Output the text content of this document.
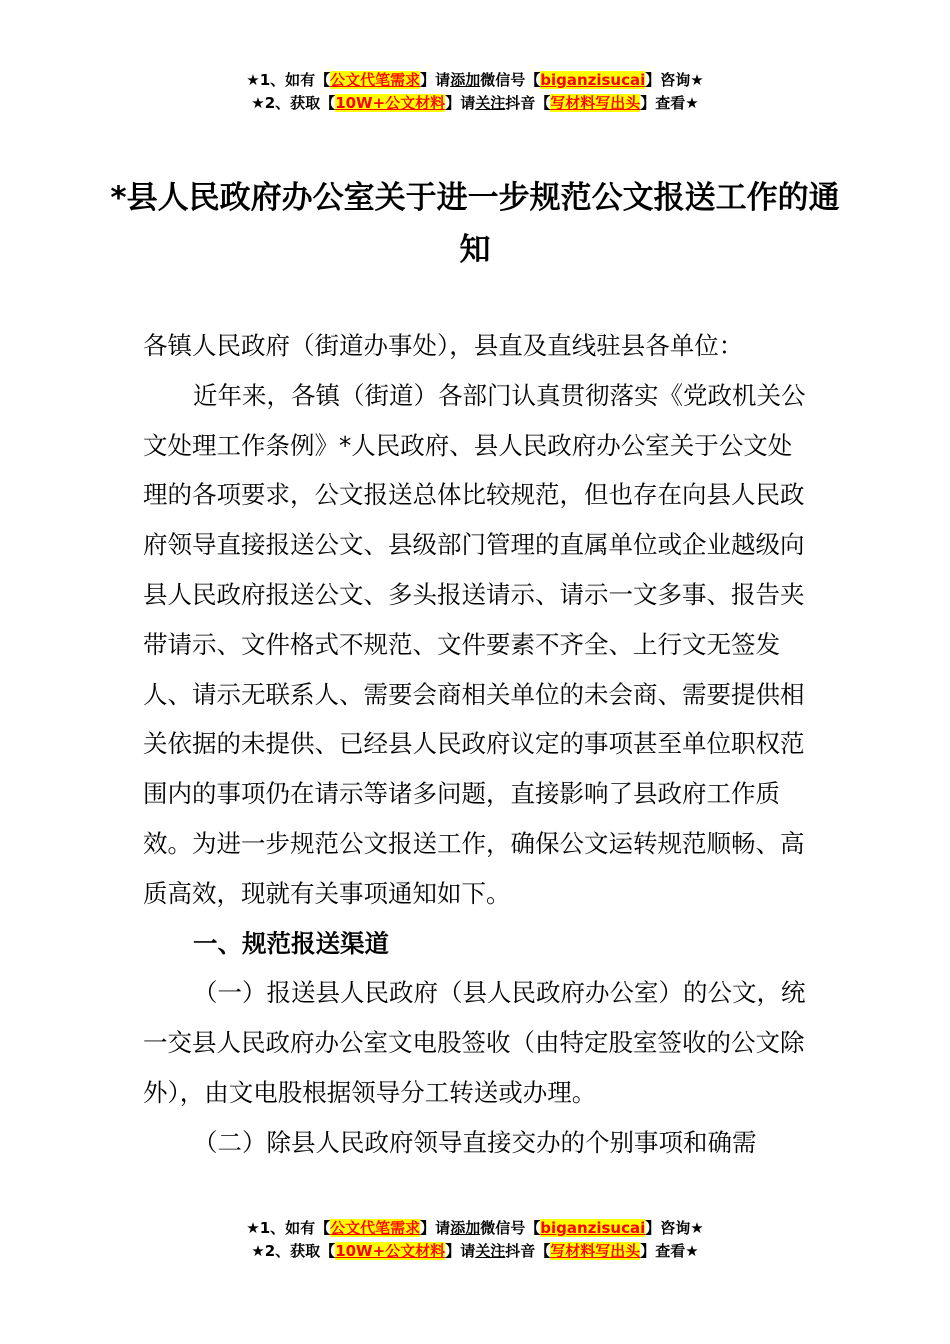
★1、如有【公文代笔需求】请添加微信号【biganzisucai】咨询★
★2、获取【10W+公文材料】请关注抖音【写材料写出头】查看★
*县人民政府办公室关于进一步规范公文报送工作的通知

各镇人民政府（街道办事处），县直及直线驻县各单位：

近年来，各镇（街道）各部门认真贯彻落实《党政机关公文处理工作条例》*人民政府、县人民政府办公室关于公文处理的各项要求，公文报送总体比较规范，但也存在向县人民政府领导直接报送公文、县级部门管理的直属单位或企业越级向县人民政府报送公文、多头报送请示、请示一文多事、报告夹带请示、文件格式不规范、文件要素不齐全、上行文无签发人、请示无联系人、需要会商相关单位的未会商、需要提供相关依据的未提供、已经县人民政府议定的事项甚至单位职权范围内的事项仍在请示等诸多问题，直接影响了县政府工作质效。为进一步规范公文报送工作，确保公文运转规范顺畅、高质高效，现就有关事项通知如下。

一、规范报送渠道

（一）报送县人民政府（县人民政府办公室）的公文，统一交县人民政府办公室文电股签收（由特定股室签收的公文除外），由文电股根据领导分工转送或办理。

（二）除县人民政府领导直接交办的个别事项和确需

★1、如有【公文代笔需求】请添加微信号【biganzisucai】咨询★
★2、获取【10W+公文材料】请关注抖音【写材料写出头】查看★
